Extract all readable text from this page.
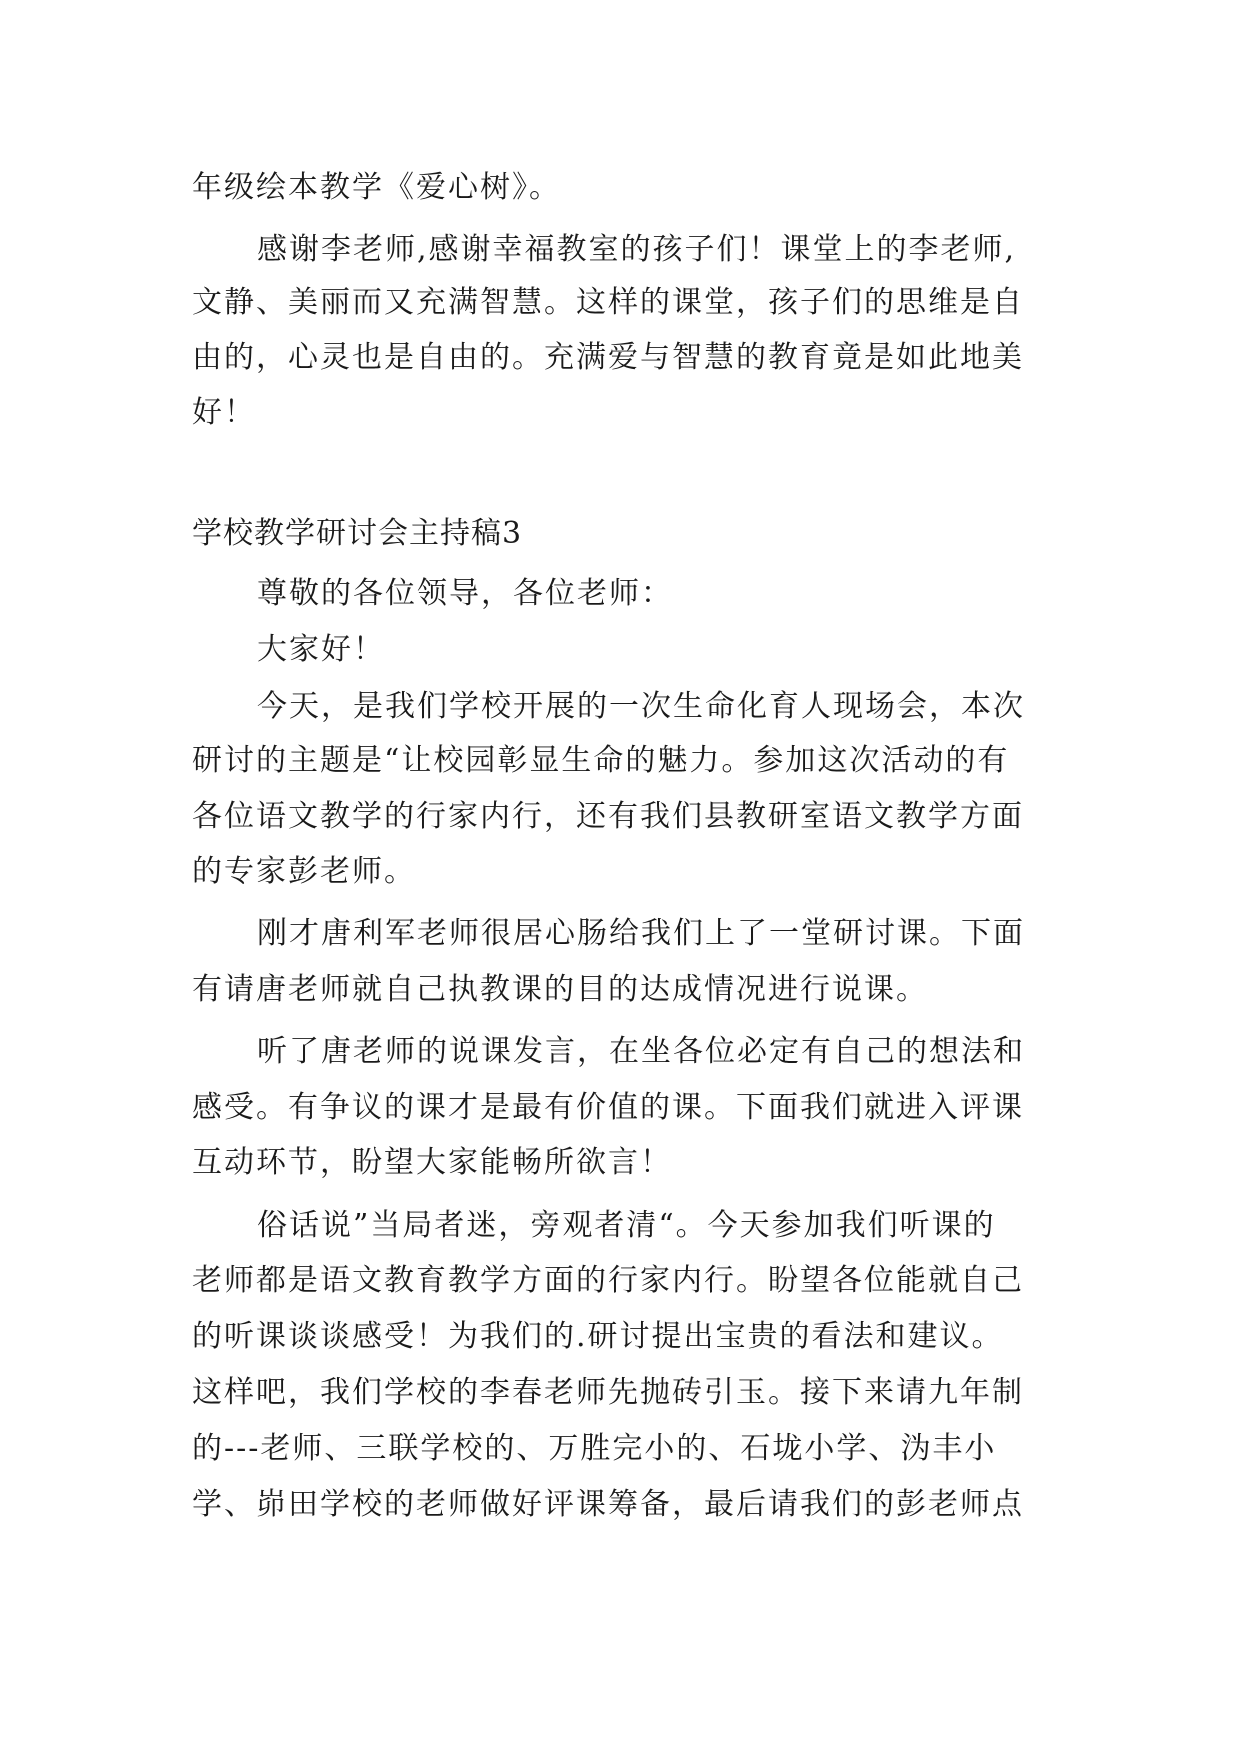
年级绘本教学《爱心树》。

感谢李老师,感谢幸福教室的孩子们！课堂上的李老师,

文静、美丽而又充满智慧。这样的课堂，孩子们的思维是自

由的，心灵也是自由的。充满爱与智慧的教育竟是如此地美

好！

学校教学研讨会主持稿3

尊敬的各位领导，各位老师：

大家好！

今天，是我们学校开展的一次生命化育人现场会，本次

研讨的主题是“让校园彰显生命的魅力。参加这次活动的有

各位语文教学的行家内行，还有我们县教研室语文教学方面

的专家彭老师。

刚才唐利军老师很居心肠给我们上了一堂研讨课。下面

有请唐老师就自己执教课的目的达成情况进行说课。

听了唐老师的说课发言，在坐各位必定有自己的想法和

感受。有争议的课才是最有价值的课。下面我们就进入评课

互动环节，盼望大家能畅所欲言！

俗话说”当局者迷，旁观者清“。今天参加我们听课的

老师都是语文教育教学方面的行家内行。盼望各位能就自己

的听课谈谈感受！为我们的.研讨提出宝贵的看法和建议。

这样吧，我们学校的李春老师先抛砖引玉。接下来请九年制

的---老师、三联学校的、万胜完小的、石垅小学、沩丰小

学、峁田学校的老师做好评课筹备，最后请我们的彭老师点
